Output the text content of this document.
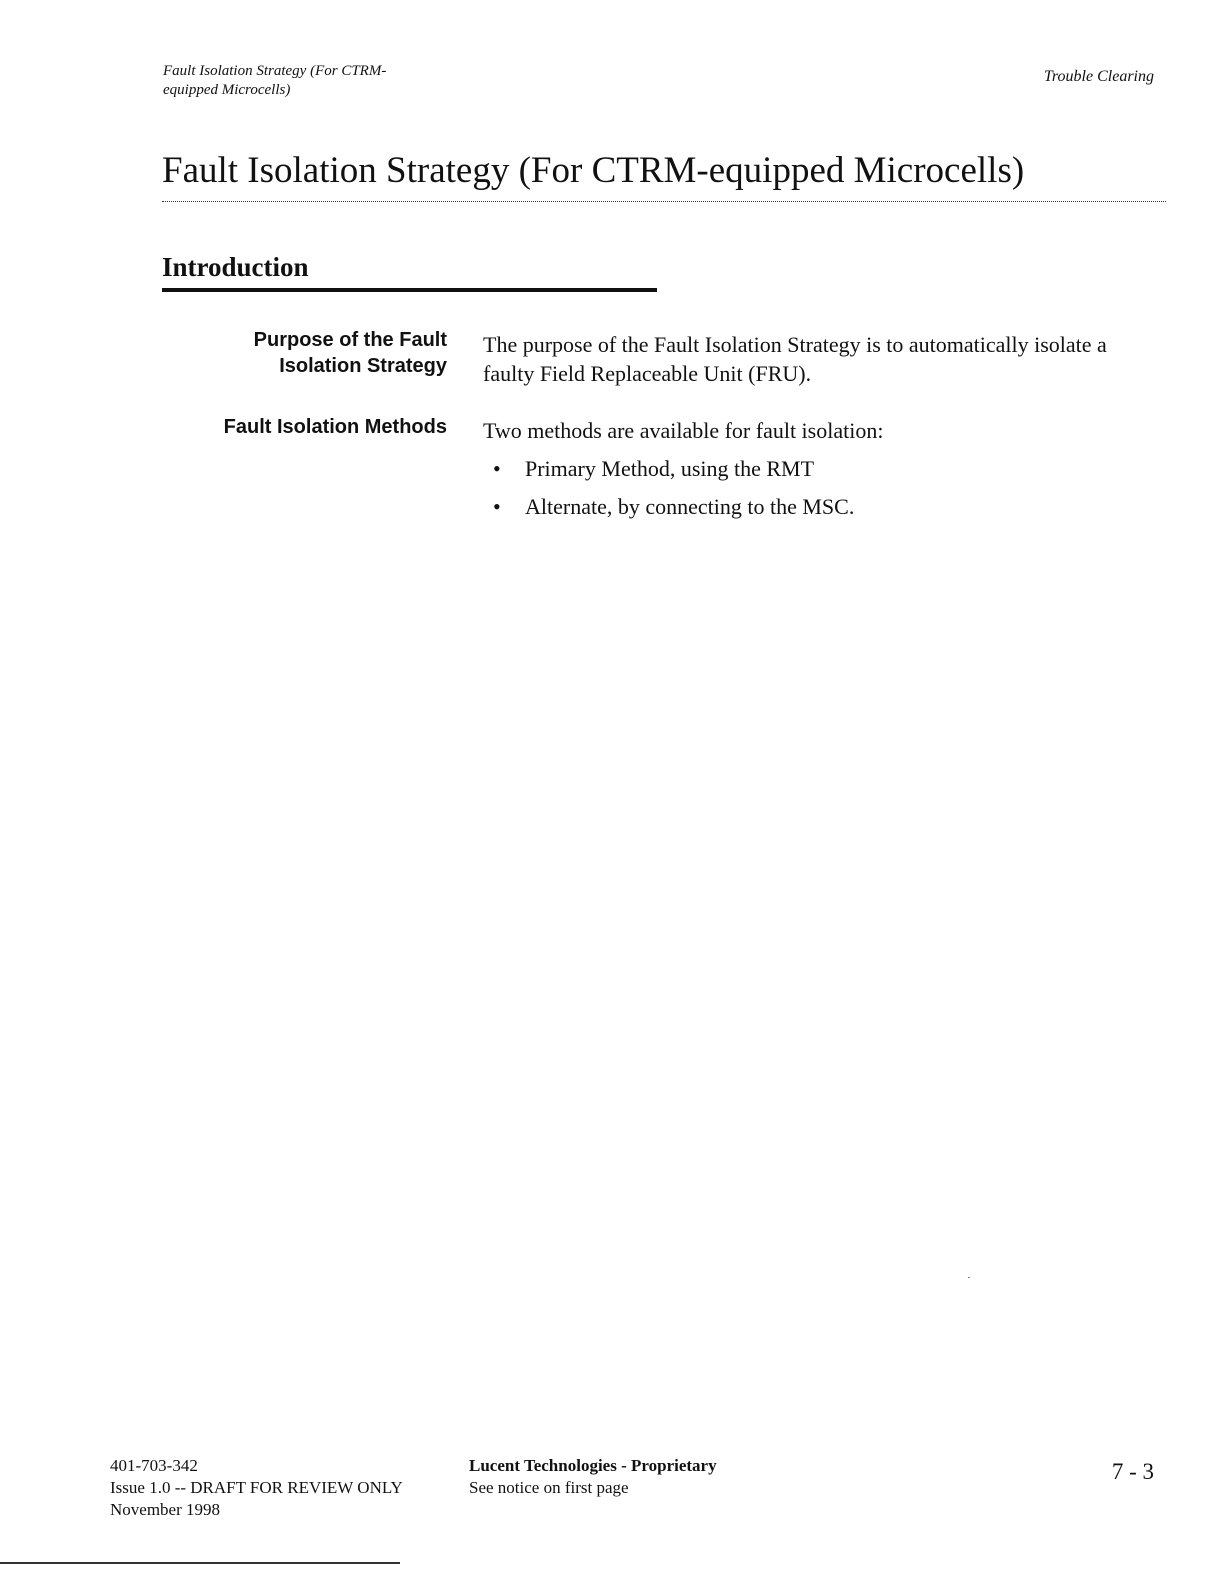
Fault Isolation Strategy (For CTRM-
equipped Microcells)
Trouble Clearing
Fault Isolation Strategy (For CTRM-equipped Microcells)
Introduction
Purpose of the Fault
Isolation Strategy
The purpose of the Fault Isolation Strategy is to automatically isolate a
faulty Field Replaceable Unit (FRU).
Fault Isolation Methods Two methods are available for fault isolation:
• Primary Method, using the RMT
• Alternate, by connecting to the MSC.
401-703-342
Issue 1.0 -- DRAFT FOR REVIEW ONLY
November 1998
Lucent Technologies - Proprietary
See notice on first page
7 - 3
